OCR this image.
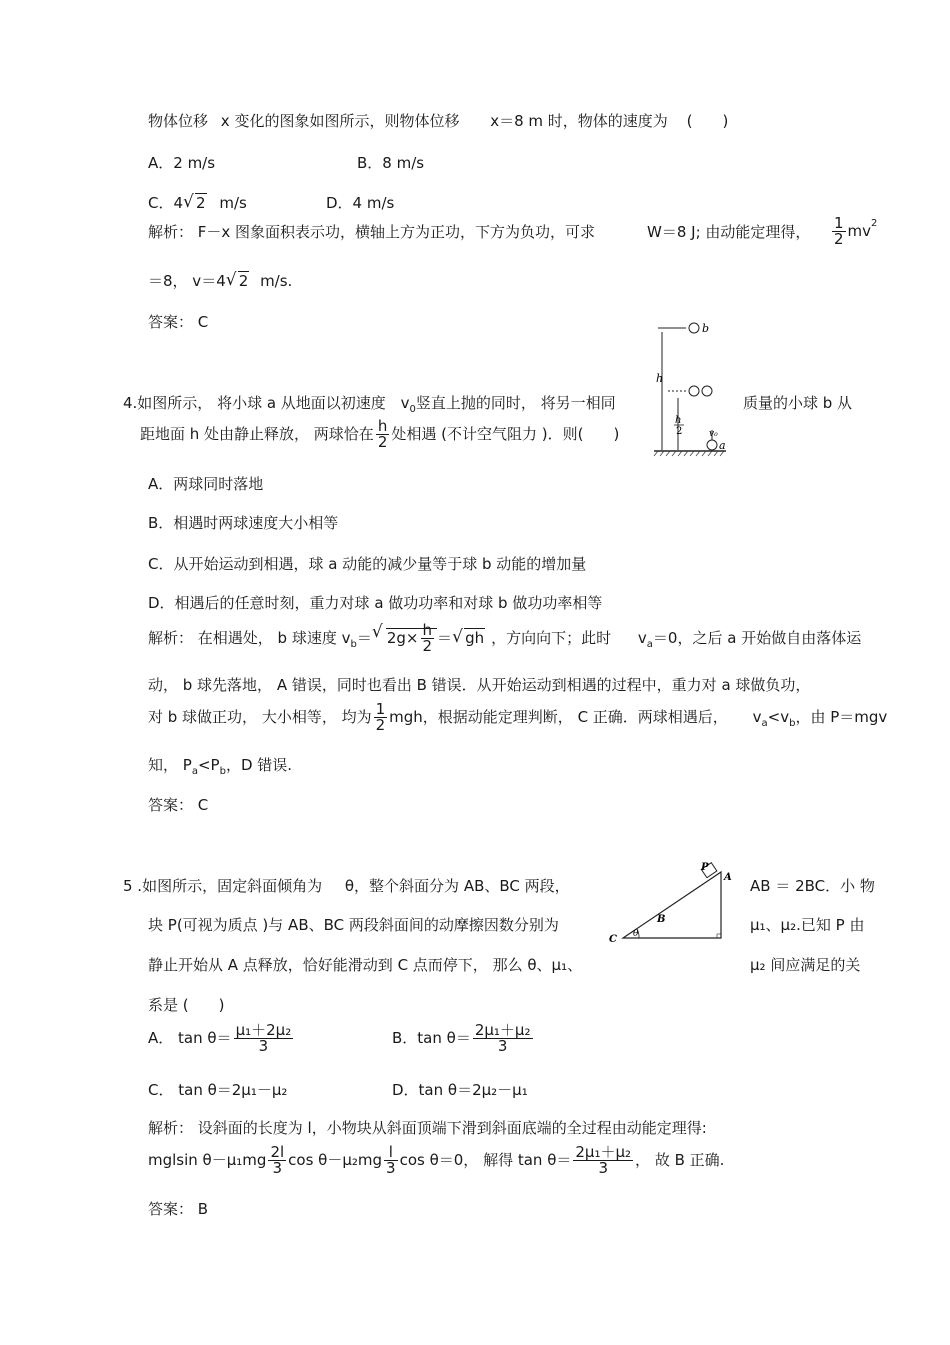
物体位移 x 变化的图象如图所示，则物体位移 x＝8 m 时，物体的速度为 (　　)
A．2 m/s	B．8 m/s
C．4√ 2 m/s	D．4 m/s
解析： F－x 图象面积表示功，横轴上方为正功，下方为负功，可求	W＝8 J; 由动能定理得， $\frac{1}{2} mv^2$
＝8， v＝4√ 2 m/s.
答案： C	b
h
h
2	v₀
a
4.如图所示， 将小球 a 从地面以初速度 $v_0$竖直上抛的同时， 将另一相同	质量的小球 b 从
距地面 h 处由静止释放， 两球恰在 $\frac{h}{2}$ 处相遇 (不计空气阻力 )．则(　　)
A．两球同时落地
B．相遇时两球速度大小相等
C．从开始运动到相遇，球 a 动能的减少量等于球 b 动能的增加量
D．相遇后的任意时刻，重力对球 a 做功功率和对球 b 做功功率相等
解析： 在相遇处， b 球速度 $v_b=√$ $2g\times \frac{h}{2}$ ＝√ gh ，方向向下；此时 $v_a=0$，之后 a 开始做自由落体运
动， b 球先落地， A 错误，同时也看出 B 错误．从开始运动到相遇的过程中，重力对 a 球做负功，
对 b 球做正功， 大小相等， 均为 $\frac{1}{2}$ mgh，根据动能定理判断， C 正确．两球相遇后， $v_a<v_b$，由 P＝mgv
知， $P_a<P_b$，D 错误.
答案： C
P
A
B
C θ
5 .如图所示，固定斜面倾角为 θ，整个斜面分为 AB、BC 两段，	AB ＝ 2BC．小 物
块 P(可视为质点 )与 AB、BC 两段斜面间的动摩擦因数分别为	μ₁、μ₂.已知 P 由
静止开始从 A 点释放，恰好能滑动到 C 点而停下， 那么 θ、μ₁、	μ₂ 间应满足的关
系是 (　　)
A． $\tan \theta= \frac{\text{μ₁＋2μ₂}}{3}$	B．$\tan \theta= \frac{\text{2μ₁＋μ₂}}{3}$
C． tan θ＝2μ₁－μ₂	D．tan θ＝2μ₂－μ₁
解析： 设斜面的长度为 l，小物块从斜面顶端下滑到斜面底端的全过程由动能定理得:
mglsin $\theta-\mu_1mg \frac{2l}{3}$ $\cos \theta-\mu_2mg \frac{l}{3}$ cos θ＝0， 解得 $\tan \theta= \frac{\text{2μ₁＋μ₂}}{3}$ ， 故 B 正确.
答案： B
